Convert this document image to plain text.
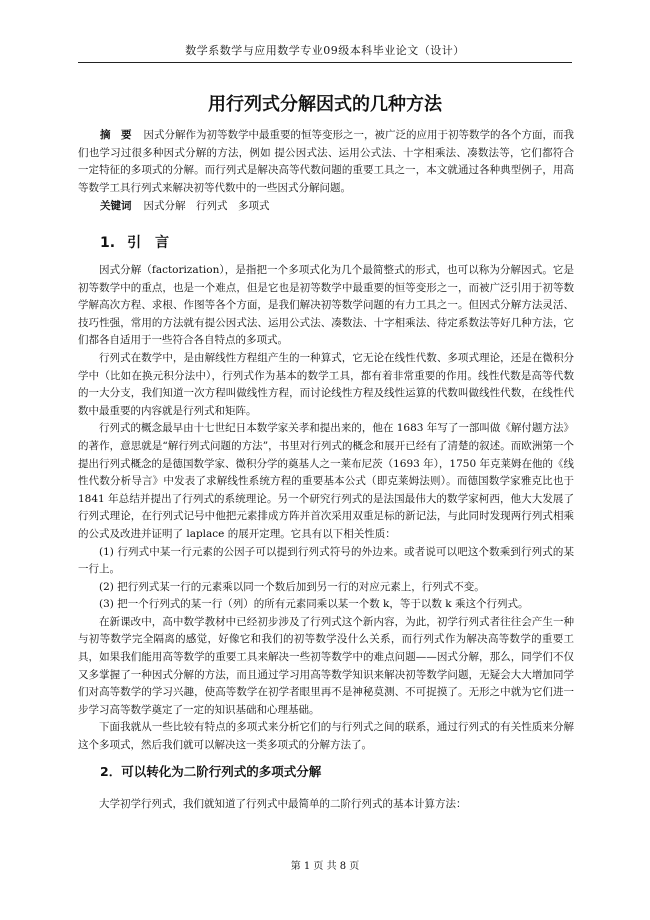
数学系数学与应用数学专业09级本科毕业论文（设计）
用行列式分解因式的几种方法
摘　要 因式分解作为初等数学中最重要的恒等变形之一，被广泛的应用于初等数学的各个方面，而我们也学习过很多种因式分解的方法，例如 提公因式法、运用公式法、十字相乘法、凑数法等，它们都符合一定特征的多项式的分解。而行列式是解决高等代数问题的重要工具之一，本文就通过各种典型例子，用高等数学工具行列式来解决初等代数中的一些因式分解问题。
关键词 因式分解　行列式　多项式
1. 引　言

因式分解（factorization），是指把一个多项式化为几个最简整式的形式，也可以称为分解因式。它是初等数学中的重点，也是一个难点，但是它也是初等数学中最重要的恒等变形之一，而被广泛引用于初等数学解高次方程、求根、作图等各个方面，是我们解决初等数学问题的有力工具之一。但因式分解方法灵活、技巧性强，常用的方法就有提公因式法、运用公式法、凑数法、十字相乘法、待定系数法等好几种方法，它们都各自适用于一些符合各自特点的多项式。

行列式在数学中，是由解线性方程组产生的一种算式，它无论在线性代数、多项式理论，还是在微积分学中（比如在换元积分法中），行列式作为基本的数学工具，都有着非常重要的作用。线性代数是高等代数的一大分支，我们知道一次方程叫做线性方程，而讨论线性方程及线性运算的代数叫做线性代数，在线性代数中最重要的内容就是行列式和矩阵。

行列式的概念最早由十七世纪日本数学家关孝和提出来的，他在 1683 年写了一部叫做《解付题方法》的著作，意思就是“解行列式问题的方法”，书里对行列式的概念和展开已经有了清楚的叙述。而欧洲第一个提出行列式概念的是德国数学家、微积分学的奠基人之一莱布尼茨（1693 年），1750 年克莱姆在他的《线性代数分析导言》中发表了求解线性系统方程的重要基本公式（即克莱姆法则）。而德国数学家雅克比也于 1841 年总结并提出了行列式的系统理论。另一个研究行列式的是法国最伟大的数学家柯西，他大大发展了行列式理论，在行列式记号中他把元素排成方阵并首次采用双重足标的新记法，与此同时发现两行列式相乘的公式及改进并证明了 laplace 的展开定理。它具有以下相关性质：

(1) 行列式中某一行元素的公因子可以提到行列式符号的外边来。或者说可以吧这个数乘到行列式的某一行上。

(2) 把行列式某一行的元素乘以同一个数后加到另一行的对应元素上，行列式不变。

(3) 把一个行列式的某一行（列）的所有元素同乘以某一个数 k，等于以数 k 乘这个行列式。

在新课改中，高中数学教材中已经初步涉及了行列式这个新内容，为此，初学行列式者往往会产生一种与初等数学完全隔离的感觉，好像它和我们的初等数学没什么关系，而行列式作为解决高等数学的重要工具，如果我们能用高等数学的重要工具来解决一些初等数学中的难点问题——因式分解，那么，同学们不仅又多掌握了一种因式分解的方法，而且通过学习用高等数学知识来解决初等数学问题，无疑会大大增加同学们对高等数学的学习兴趣，使高等数学在初学者眼里再不是神秘莫测、不可捉摸了。无形之中就为它们进一步学习高等数学奠定了一定的知识基础和心理基础。

下面我就从一些比较有特点的多项式来分析它们的与行列式之间的联系，通过行列式的有关性质来分解这个多项式，然后我们就可以解决这一类多项式的分解方法了。

2．可以转化为二阶行列式的多项式分解
大学初学行列式，我们就知道了行列式中最简单的二阶行列式的基本计算方法：
第 1 页 共 8 页
